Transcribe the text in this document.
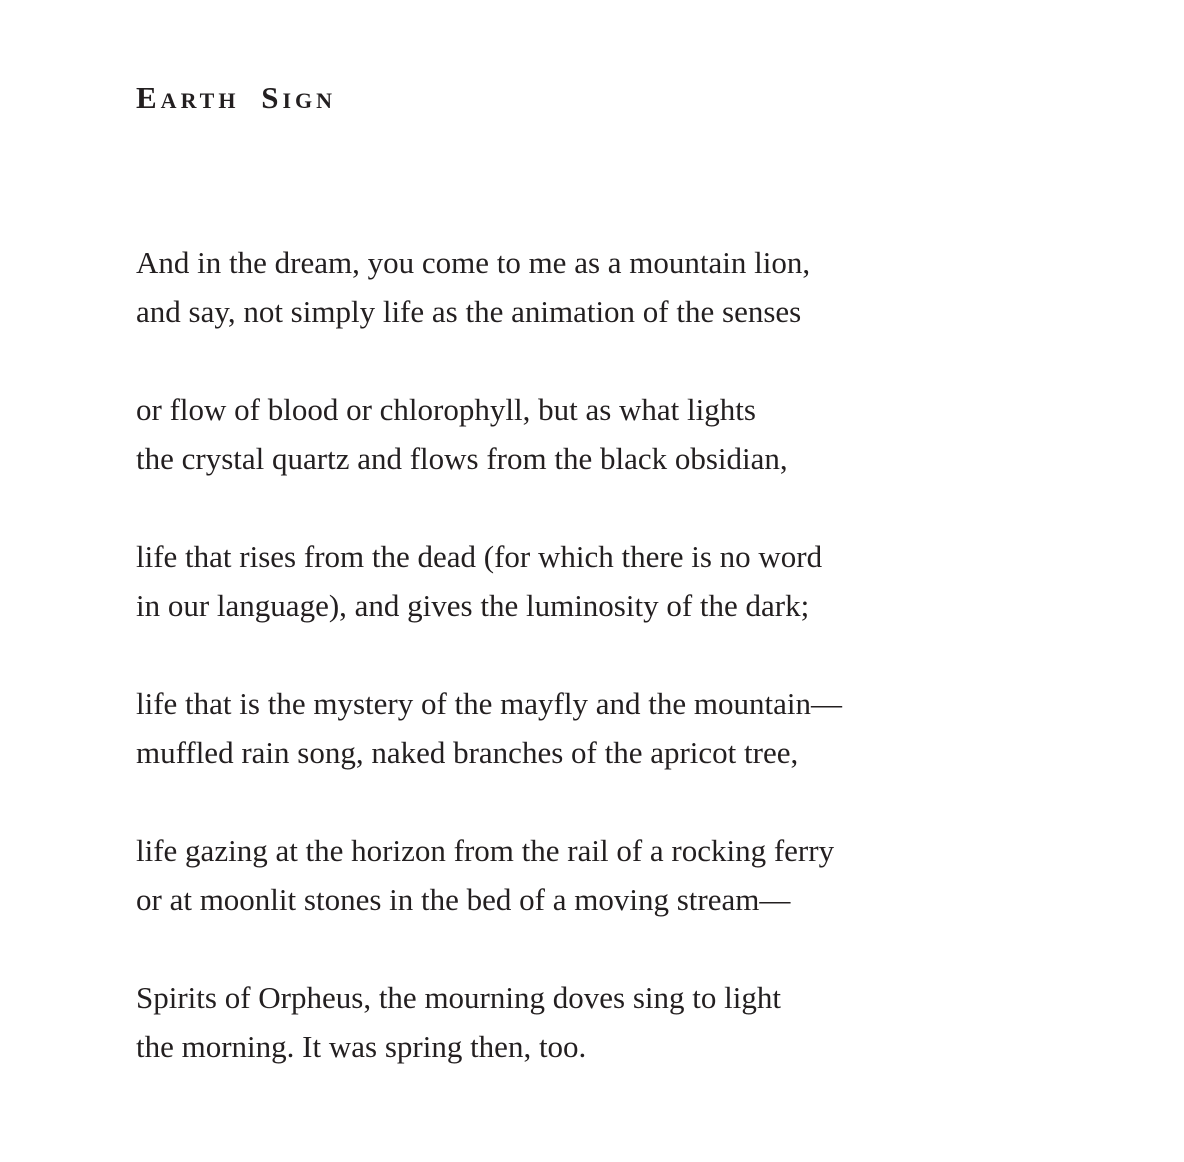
Earth Sign
And in the dream, you come to me as a mountain lion,
and say, not simply life as the animation of the senses
or flow of blood or chlorophyll, but as what lights
the crystal quartz and flows from the black obsidian,
life that rises from the dead (for which there is no word
in our language), and gives the luminosity of the dark;
life that is the mystery of the mayfly and the mountain—
muffled rain song, naked branches of the apricot tree,
life gazing at the horizon from the rail of a rocking ferry
or at moonlit stones in the bed of a moving stream—
Spirits of Orpheus, the mourning doves sing to light
the morning. It was spring then, too.
